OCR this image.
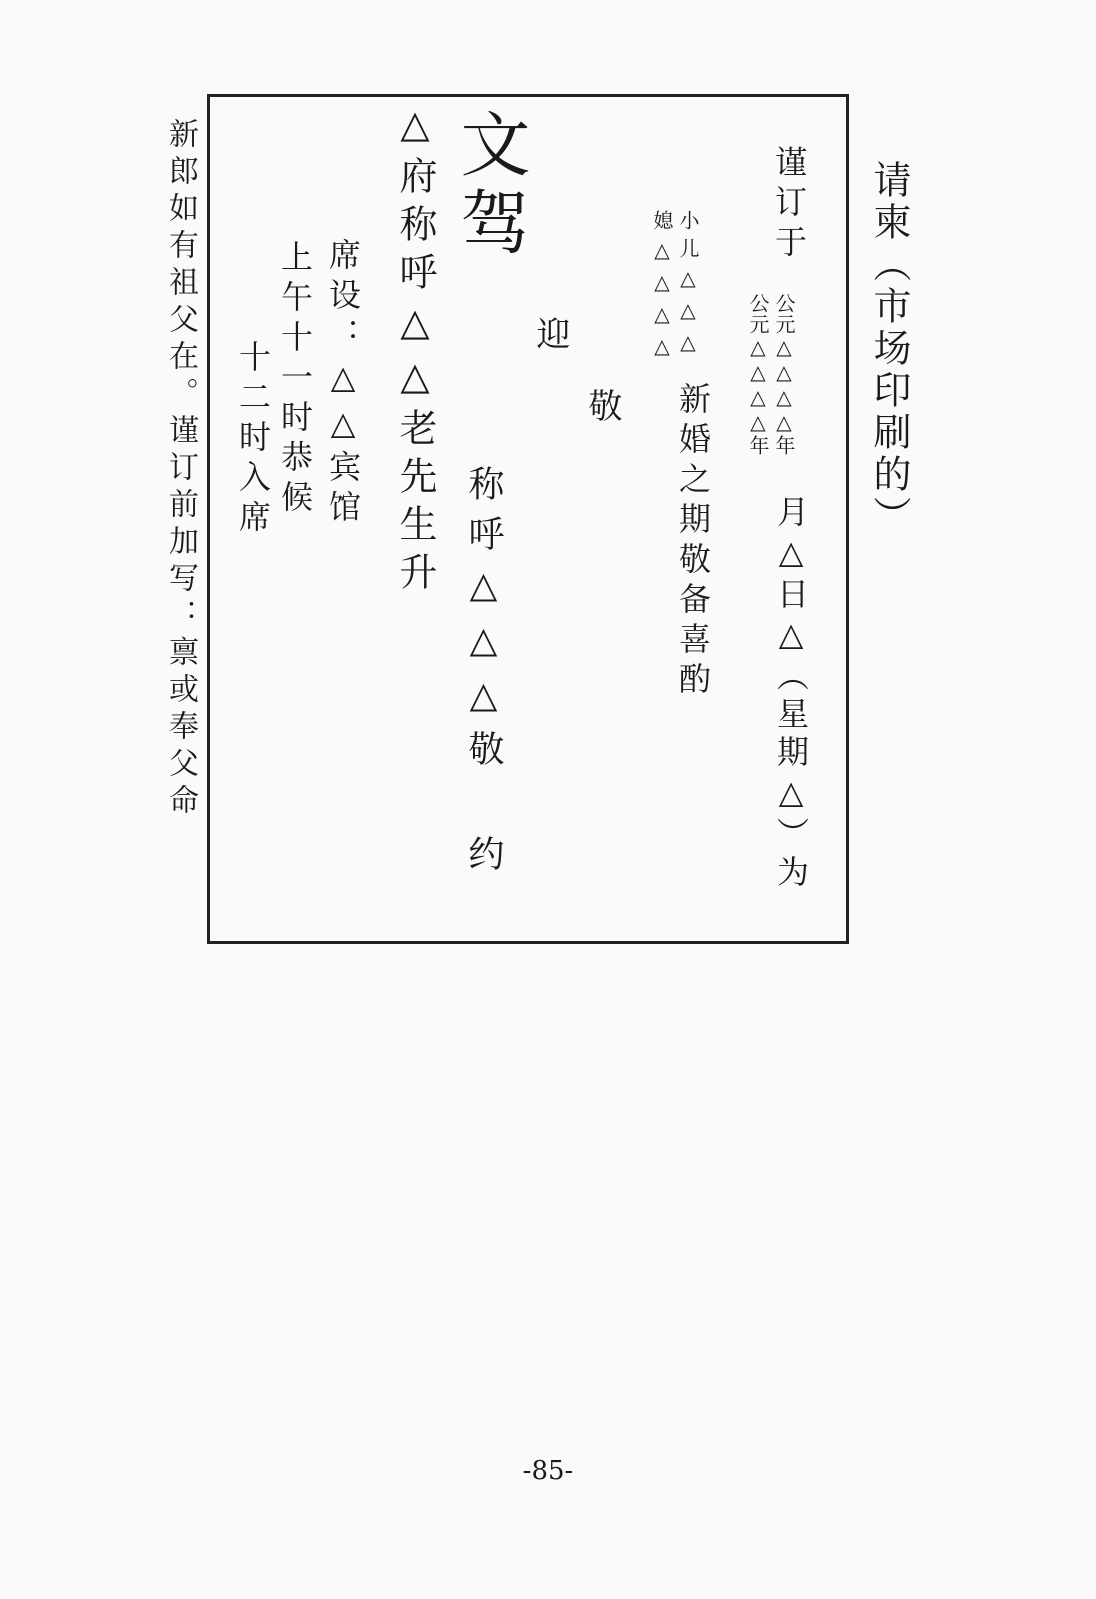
请柬（市场印刷的）
谨订于
公元△△△△年
公元△△△△年
月△日△（星期△）为
小儿△△△
媳△△△△
新婚之期敬备喜酌
迎
敬
称呼△△△敬 约
文驾
△府称呼△△老先生升
席设：△△宾馆
上午十一时恭候
十二时入席
新郎如有祖父在。谨订前加写：禀或奉父命
-85-
